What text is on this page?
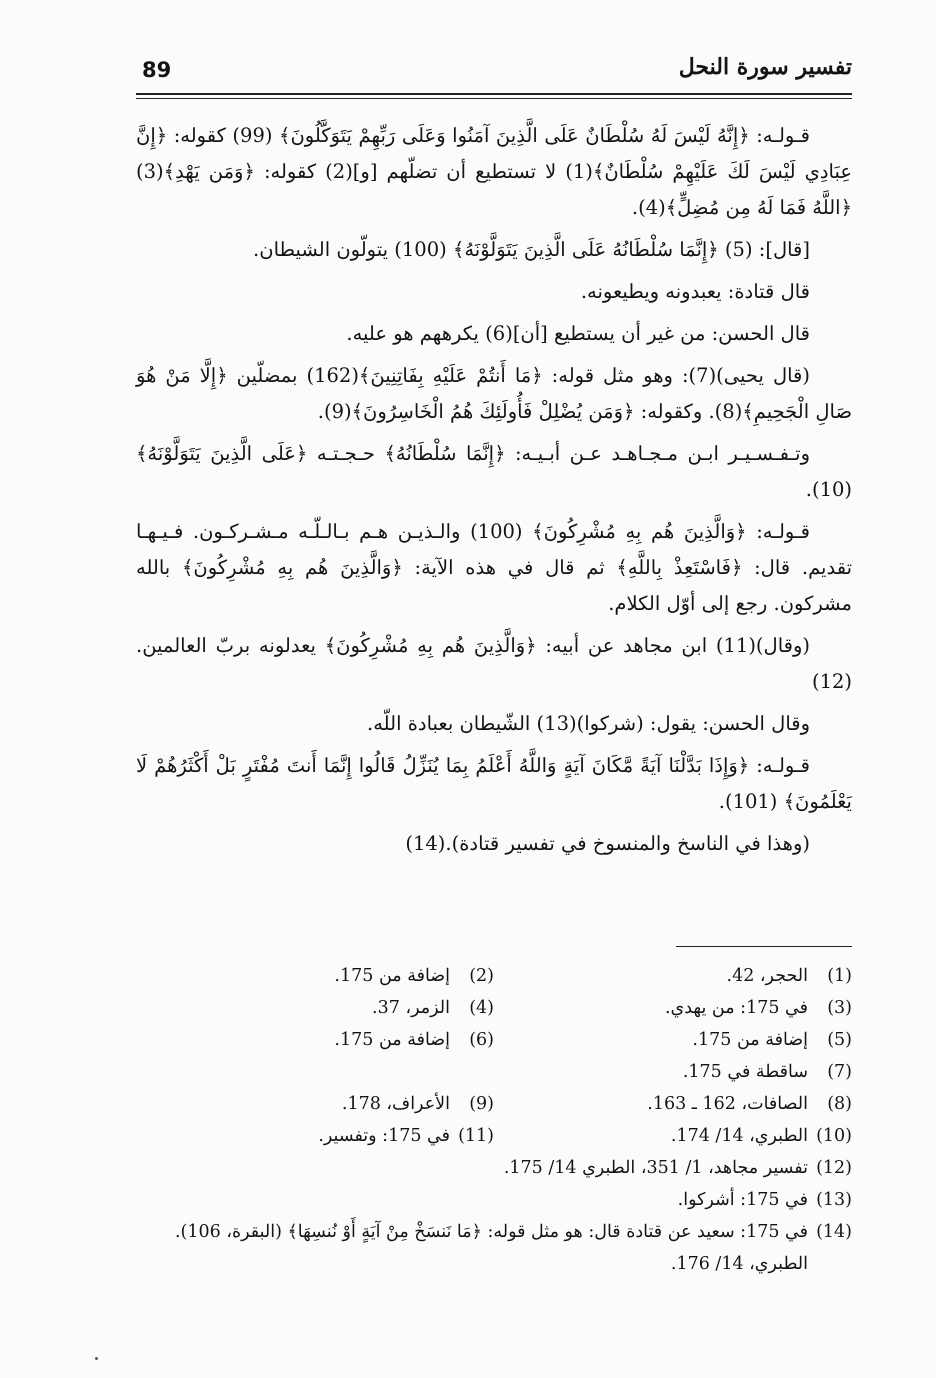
89	تفسير سورة النحل

قـولـه: ﴿إِنَّهُ لَيْسَ لَهُ سُلْطَانٌ عَلَى الَّذِينَ آمَنُوا وَعَلَى رَبِّهِمْ يَتَوَكَّلُونَ﴾ (99) كقوله: ﴿إِنَّ عِبَادِي لَيْسَ لَكَ عَلَيْهِمْ سُلْطَانٌ﴾(1) لا تستطيع أن تضلّهم [و](2) كقوله: ﴿وَمَن يَهْدِ﴾(3) ﴿اللَّهُ فَمَا لَهُ مِن مُضِلٍّ﴾(4).

[قال]: (5) ﴿إِنَّمَا سُلْطَانُهُ عَلَى الَّذِينَ يَتَوَلَّوْنَهُ﴾ (100) يتولّون الشيطان.

قال قتادة: يعبدونه ويطيعونه.

قال الحسن: من غير أن يستطيع [أن](6) يكرههم هو عليه.

(قال يحيى)(7): وهو مثل قوله: ﴿مَا أَنتُمْ عَلَيْهِ بِفَاتِنِينَ﴾(162) بمضلّين ﴿إِلَّا مَنْ هُوَ صَالِ الْجَحِيمِ﴾(8). وكقوله: ﴿وَمَن يُضْلِلْ فَأُولَئِكَ هُمُ الْخَاسِرُونَ﴾(9).

وتـفـسـيـر ابـن مـجـاهـد عـن أبـيـه: ﴿إِنَّمَا سُلْطَانُهُ﴾ حـجـتـه ﴿عَلَى الَّذِينَ يَتَوَلَّوْنَهُ﴾(10).

قـولـه: ﴿وَالَّذِينَ هُم بِهِ مُشْرِكُونَ﴾ (100) والـذيـن هـم بـالـلّـه مـشـركـون. فـيـهـا تقديم. قال: ﴿فَاسْتَعِذْ بِاللَّهِ﴾ ثم قال في هذه الآية: ﴿وَالَّذِينَ هُم بِهِ مُشْرِكُونَ﴾ بالله مشركون. رجع إلى أوّل الكلام.

(وقال)(11) ابن مجاهد عن أبيه: ﴿وَالَّذِينَ هُم بِهِ مُشْرِكُونَ﴾ يعدلونه بربّ العالمين.(12)

وقال الحسن: يقول: (شركوا)(13) الشّيطان بعبادة اللّه.

قـولـه: ﴿وَإِذَا بَدَّلْنَا آيَةً مَّكَانَ آيَةٍ وَاللَّهُ أَعْلَمُ بِمَا يُنَزِّلُ قَالُوا إِنَّمَا أَنتَ مُفْتَرٍ بَلْ أَكْثَرُهُمْ لَا يَعْلَمُونَ﴾ (101).

(وهذا في الناسخ والمنسوخ في تفسير قتادة).(14)

(1)
الحجر، 42.
(2)
إضافة من 175.
(3)
في 175: من يهدي.
(4)
الزمر، 37.
(5)
إضافة من 175.
(6)
إضافة من 175.
(7)
ساقطة في 175.
(8)
الصافات، 162 ـ 163.
(9)
الأعراف، 178.
(10)
الطبري، 14/ 174.
(11)
في 175: وتفسير.
(12)
تفسير مجاهد، 1/ 351، الطبري 14/ 175.
(13)
في 175: أشركوا.
(14)
في 175: سعيد عن قتادة قال: هو مثل قوله: ﴿مَا نَنسَخْ مِنْ آيَةٍ أَوْ نُنسِهَا﴾ (البقرة، 106). الطبري، 14/ 176.
